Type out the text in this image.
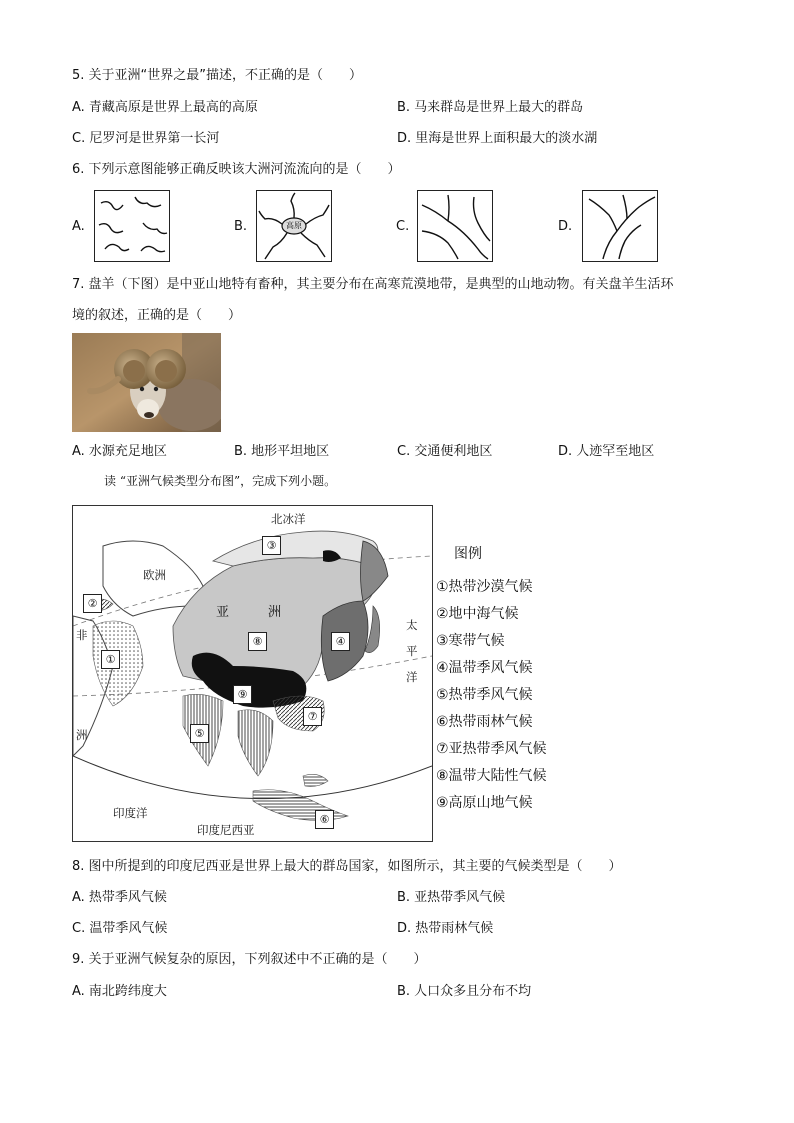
5. 关于亚洲“世界之最”描述，不正确的是（　　）
A. 青藏高原是世界上最高的高原	B. 马来群岛是世界上最大的群岛
C. 尼罗河是世界第一长河	D. 里海是世界上面积最大的淡水湖
6. 下列示意图能够正确反映该大洲河流流向的是（　　）
A.	B.	高原	C.	D.
7. 盘羊（下图）是中亚山地特有畜种，其主要分布在高寒荒漠地带，是典型的山地动物。有关盘羊生活环
境的叙述，正确的是（　　）
A. 水源充足地区	B. 地形平坦地区	C. 交通便利地区	D. 人迹罕至地区
读 “亚洲气候类型分布图”，完成下列小题。
北冰洋
欧洲
亚	洲
非
洲
太
平
洋
印度洋
印度尼西亚
①
②
③
④
⑤
⑥
⑦
⑧
⑨
图例
①热带沙漠气候
②地中海气候
③寒带气候
④温带季风气候
⑤热带季风气候
⑥热带雨林气候
⑦亚热带季风气候
⑧温带大陆性气候
⑨高原山地气候
8. 图中所提到的印度尼西亚是世界上最大的群岛国家，如图所示，其主要的气候类型是（　　）
A. 热带季风气候	B. 亚热带季风气候
C. 温带季风气候	D. 热带雨林气候
9. 关于亚洲气候复杂的原因，下列叙述中不正确的是（　　）
A. 南北跨纬度大	B. 人口众多且分布不均
